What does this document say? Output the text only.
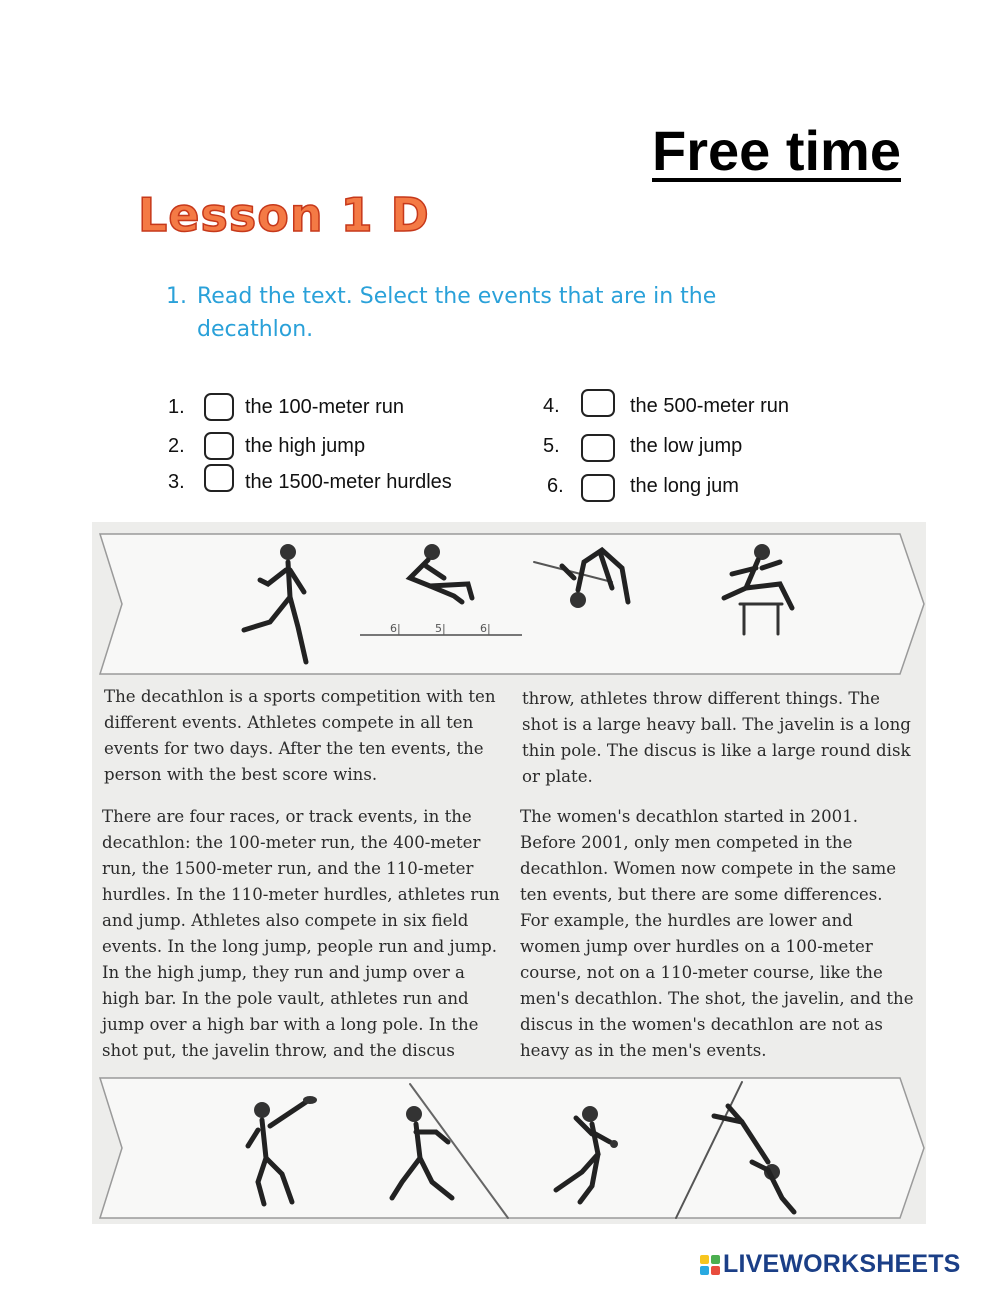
Free time
Lesson 1 D
1. Read the text. Select the events that are in the decathlon.
1.	the 100-meter run
2.	the high jump
3.	the 1500-meter hurdles
4.	the 500-meter run
5.	the low jump
6.	the long jum
6|	5|	6|

The decathlon is a sports competition with ten different events. Athletes compete in all ten events for two days. After the ten events, the person with the best score wins.

There are four races, or track events, in the decathlon: the 100-meter run, the 400-meter run, the 1500-meter run, and the 110-meter hurdles. In the 110-meter hurdles, athletes run and jump. Athletes also compete in six field events. In the long jump, people run and jump. In the high jump, they run and jump over a high bar. In the pole vault, athletes run and jump over a high bar with a long pole. In the shot put, the javelin throw, and the discus

throw, athletes throw different things. The shot is a large heavy ball. The javelin is a long thin pole. The discus is like a large round disk or plate.

The women's decathlon started in 2001. Before 2001, only men competed in the decathlon. Women now compete in the same ten events, but there are some differences. For example, the hurdles are lower and women jump over hurdles on a 100-meter course, not on a 110-meter course, like the men's decathlon. The shot, the javelin, and the discus in the women's decathlon are not as heavy as in the men's events.

LIVEWORKSHEETS
